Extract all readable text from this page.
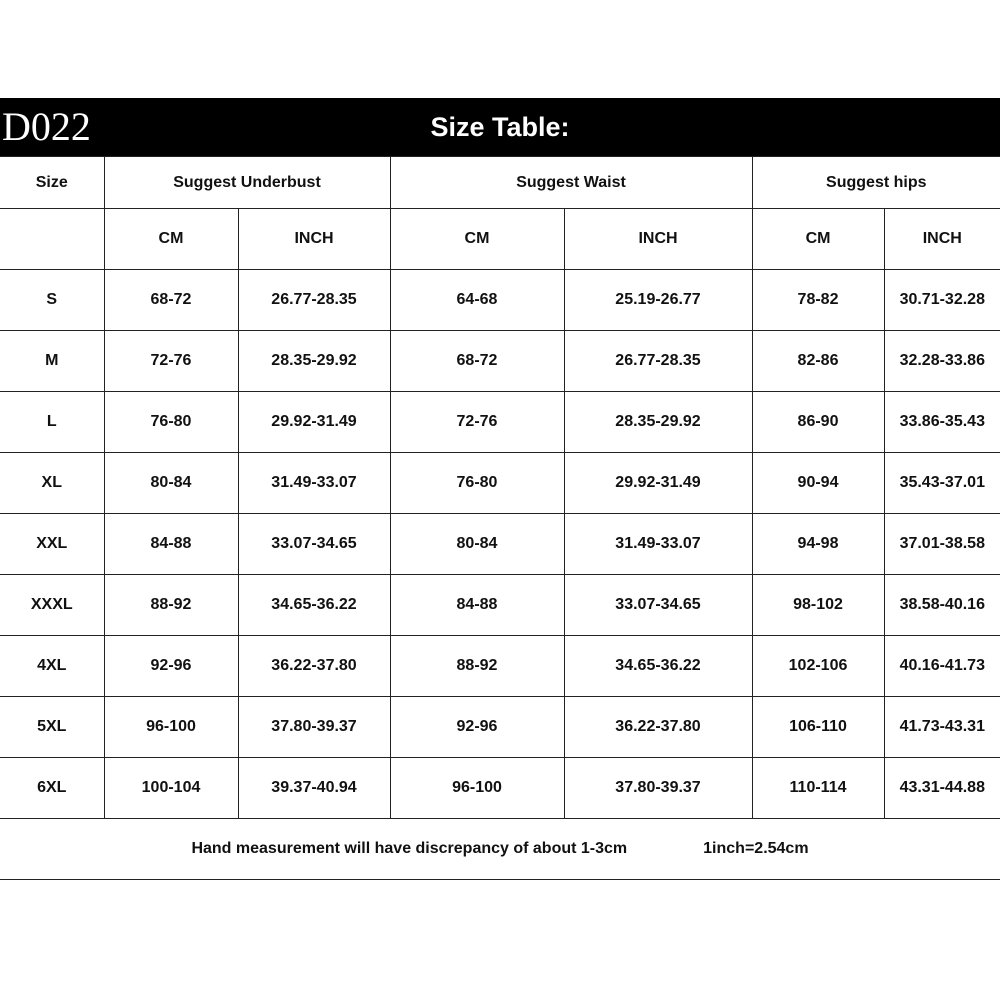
D022	Size Table:
Size	Suggest Underbust		Suggest Waist		Suggest hips	
	CM	INCH	CM	INCH	CM	INCH
S	68-72	26.77-28.35	64-68	25.19-26.77	78-82	30.71-32.28
M	72-76	28.35-29.92	68-72	26.77-28.35	82-86	32.28-33.86
L	76-80	29.92-31.49	72-76	28.35-29.92	86-90	33.86-35.43
XL	80-84	31.49-33.07	76-80	29.92-31.49	90-94	35.43-37.01
XXL	84-88	33.07-34.65	80-84	31.49-33.07	94-98	37.01-38.58
XXXL	88-92	34.65-36.22	84-88	33.07-34.65	98-102	38.58-40.16
4XL	92-96	36.22-37.80	88-92	34.65-36.22	102-106	40.16-41.73
5XL	96-100	37.80-39.37	92-96	36.22-37.80	106-110	41.73-43.31
6XL	100-104	39.37-40.94	96-100	37.80-39.37	110-114	43.31-44.88
Hand measurement will have discrepancy of about 1-3cm 1inch=2.54cm						
